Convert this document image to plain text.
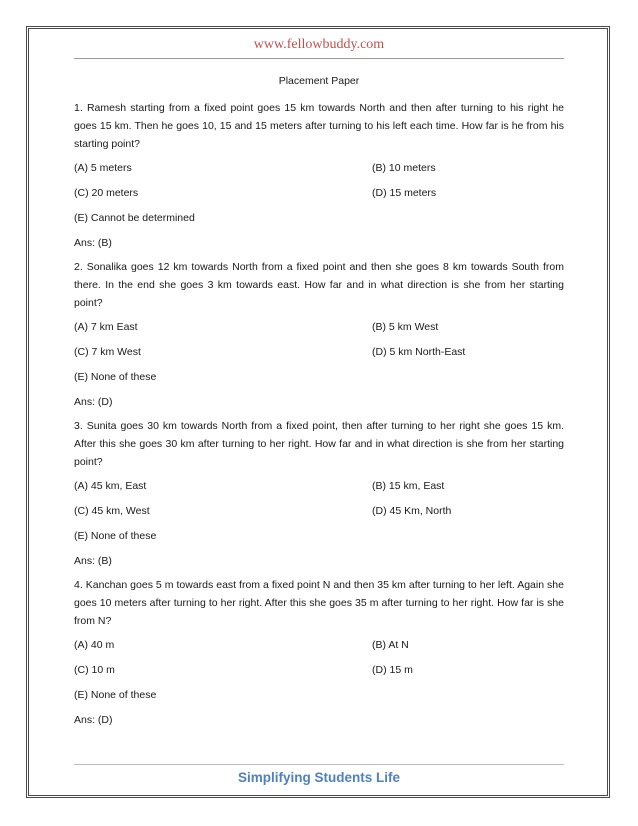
www.fellowbuddy.com
Placement Paper

1. Ramesh starting from a fixed point goes 15 km towards North and then after turning to his right he goes 15 km. Then he goes 10, 15 and 15 meters after turning to his left each time. How far is he from his starting point?

(A) 5 meters	(B) 10 meters
(C) 20 meters	(D) 15 meters
(E) Cannot be determined
Ans: (B)

2. Sonalika goes 12 km towards North from a fixed point and then she goes 8 km towards South from there. In the end she goes 3 km towards east. How far and in what direction is she from her starting point?

(A) 7 km East	(B) 5 km West
(C) 7 km West	(D) 5 km North-East
(E) None of these
Ans: (D)

3. Sunita goes 30 km towards North from a fixed point, then after turning to her right she goes 15 km. After this she goes 30 km after turning to her right. How far and in what direction is she from her starting point?

(A) 45 km, East	(B) 15 km, East
(C) 45 km, West	(D) 45 Km, North
(E) None of these
Ans: (B)

4. Kanchan goes 5 m towards east from a fixed point N and then 35 km after turning to her left. Again she goes 10 meters after turning to her right. After this she goes 35 m after turning to her right. How far is she from N?

(A) 40 m	(B) At N
(C) 10 m	(D) 15 m
(E) None of these
Ans: (D)
Simplifying Students Life
